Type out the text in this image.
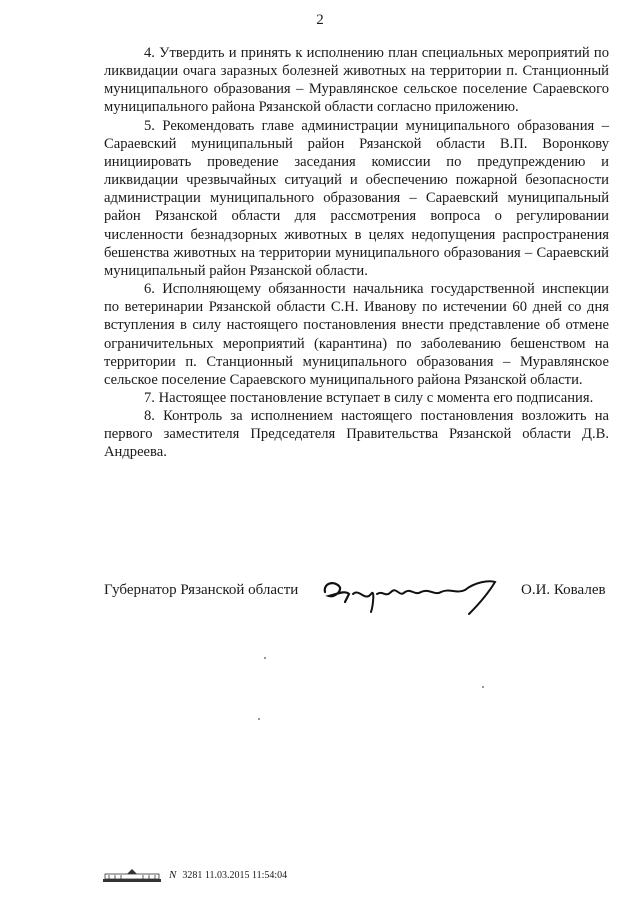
2

4. Утвердить и принять к исполнению план специальных мероприятий по ликвидации очага заразных болезней животных на территории п. Станционный муниципального образования – Муравлянское сельское поселение Сараевского муниципального района Рязанской области согласно приложению.

5. Рекомендовать главе администрации муниципального образования – Сараевский муниципальный район Рязанской области В.П. Воронкову инициировать проведение заседания комиссии по предупреждению и ликвидации чрезвычайных ситуаций и обеспечению пожарной безопасности администрации муниципального образования – Сараевский муниципальный район Рязанской области для рассмотрения вопроса о регулировании численности безнадзорных животных в целях недопущения распространения бешенства животных на территории муниципального образования – Сараевский муниципальный район Рязанской области.

6. Исполняющему обязанности начальника государственной инспекции по ветеринарии Рязанской области С.Н. Иванову по истечении 60 дней со дня вступления в силу настоящего постановления внести представление об отмене ограничительных мероприятий (карантина) по заболеванию бешенством на территории п. Станционный муниципального образования – Муравлянское сельское поселение Сараевского муниципального района Рязанской области.

7. Настоящее постановление вступает в силу с момента его подписания.

8. Контроль за исполнением настоящего постановления возложить на первого заместителя Председателя Правительства Рязанской области Д.В. Андреева.

Губернатор Рязанской области	О.И. Ковалев
N 3281 11.03.2015 11:54:04
